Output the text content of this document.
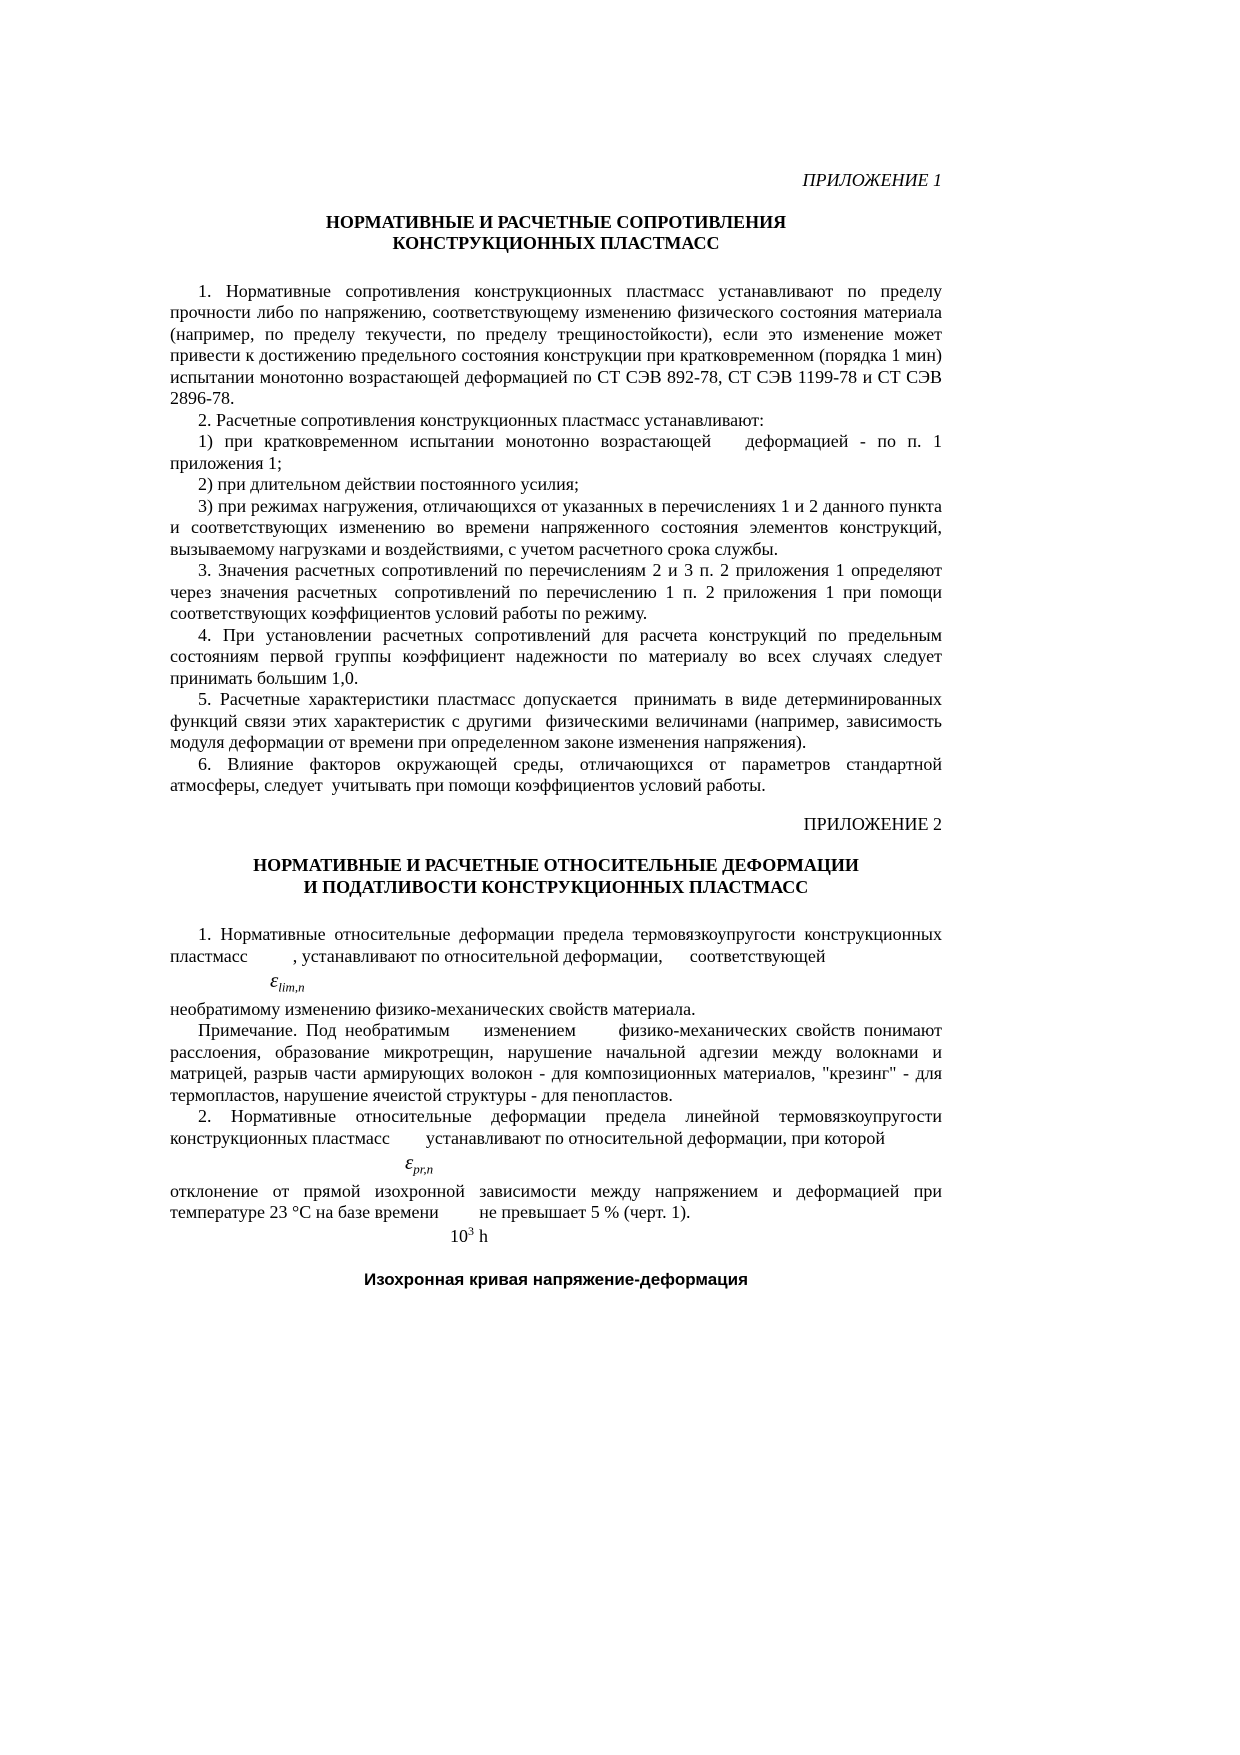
ПРИЛОЖЕНИЕ 1
НОРМАТИВНЫЕ И РАСЧЕТНЫЕ СОПРОТИВЛЕНИЯ
КОНСТРУКЦИОННЫХ ПЛАСТМАСС

1. Нормативные сопротивления конструкционных пластмасс устанавливают по пределу прочности либо по напряжению, соответствующему изменению физического состояния материала (например, по пределу текучести, по пределу трещиностойкости), если это изменение может привести к достижению предельного состояния конструкции при кратковременном (порядка 1 мин) испытании монотонно возрастающей деформацией по СТ СЭВ 892-78, СТ СЭВ 1199-78 и СТ СЭВ 2896-78.

2. Расчетные сопротивления конструкционных пластмасс устанавливают:

1) при кратковременном испытании монотонно возрастающей   деформацией - по п. 1 приложения 1;

2) при длительном действии постоянного усилия;

3) при режимах нагружения, отличающихся от указанных в перечислениях 1 и 2 данного пункта и соответствующих изменению во времени напряженного состояния элементов конструкций, вызываемому нагрузками и воздействиями, с учетом расчетного срока службы.

3. Значения расчетных сопротивлений по перечислениям 2 и 3 п. 2 приложения 1 определяют через значения расчетных  сопротивлений по перечислению 1 п. 2 приложения 1 при помощи соответствующих коэффициентов условий работы по режиму.

4. При установлении расчетных сопротивлений для расчета конструкций по предельным состояниям первой группы коэффициент надежности по материалу во всех случаях следует принимать большим 1,0.

5. Расчетные характеристики пластмасс допускается  принимать в виде детерминированных функций связи этих характеристик с другими  физическими величинами (например, зависимость модуля деформации от времени при определенном законе изменения напряжения).

6. Влияние факторов окружающей среды, отличающихся от параметров стандартной атмосферы, следует  учитывать при помощи коэффициентов условий работы.

ПРИЛОЖЕНИЕ 2
НОРМАТИВНЫЕ И РАСЧЕТНЫЕ ОТНОСИТЕЛЬНЫЕ ДЕФОРМАЦИИ
И ПОДАТЛИВОСТИ КОНСТРУКЦИОННЫХ ПЛАСТМАСС

1. Нормативные относительные деформации предела термовязкоупругости конструкционных пластмасс          , устанавливают по относительной деформации,      соответствующей

$\varepsilon_{lim,n}$

необратимому изменению физико-механических свойств материала.

Примечание. Под необратимым    изменением     физико-механических свойств понимают расслоения, образование микротрещин, нарушение начальной адгезии между волокнами и матрицей, разрыв части армирующих волокон - для композиционных материалов, "крезинг" - для термопластов, нарушение ячеистой структуры - для пенопластов.

2. Нормативные относительные деформации предела линейной термовязкоупругости конструкционных пластмасс        устанавливают по относительной деформации, при которой

$\varepsilon_{pr,n}$

отклонение от прямой изохронной зависимости между напряжением и деформацией при температуре 23 °С на базе времени         не превышает 5 % (черт. 1).

$10^3$ h
Изохронная кривая напряжение-деформация
